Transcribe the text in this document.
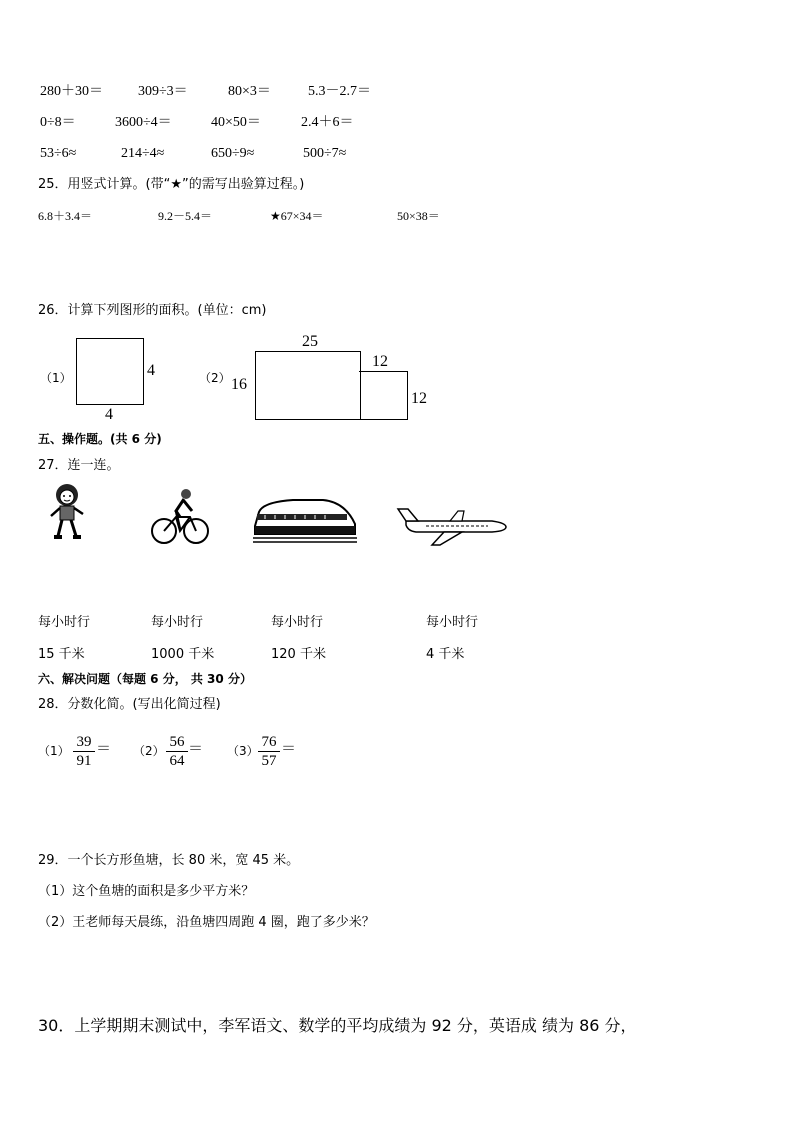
280＋30＝	309÷3＝	80×3＝	5.3－2.7＝
0÷8＝	3600÷4＝	40×50＝	2.4＋6＝
53÷6≈	214÷4≈	650÷9≈	500÷7≈
25．用竖式计算。(带“★”的需写出验算过程。)
6.8＋3.4＝	9.2－5.4＝	★67×34＝	50×38＝
26．计算下列图形的面积。(单位：cm)
（1）	4
4
（2） 16
25
12
12
五、操作题。(共 6 分)
27．连一连。
每小时行
15 千米
每小时行
1000 千米
每小时行
120 千米
每小时行
4 千米
六、解决问题（每题 6 分， 共 30 分）
28．分数化简。(写出化简过程)
$(1) \frac{39}{91} = (2) \frac{56}{64} = (3) \frac{76}{57}$ ＝
29．一个长方形鱼塘，长 80 米，宽 45 米。
（1）这个鱼塘的面积是多少平方米？
（2）王老师每天晨练，沿鱼塘四周跑 4 圈，跑了多少米？
30．上学期期末测试中，李军语文、数学的平均成绩为 92 分，英语成 绩为 86 分，
